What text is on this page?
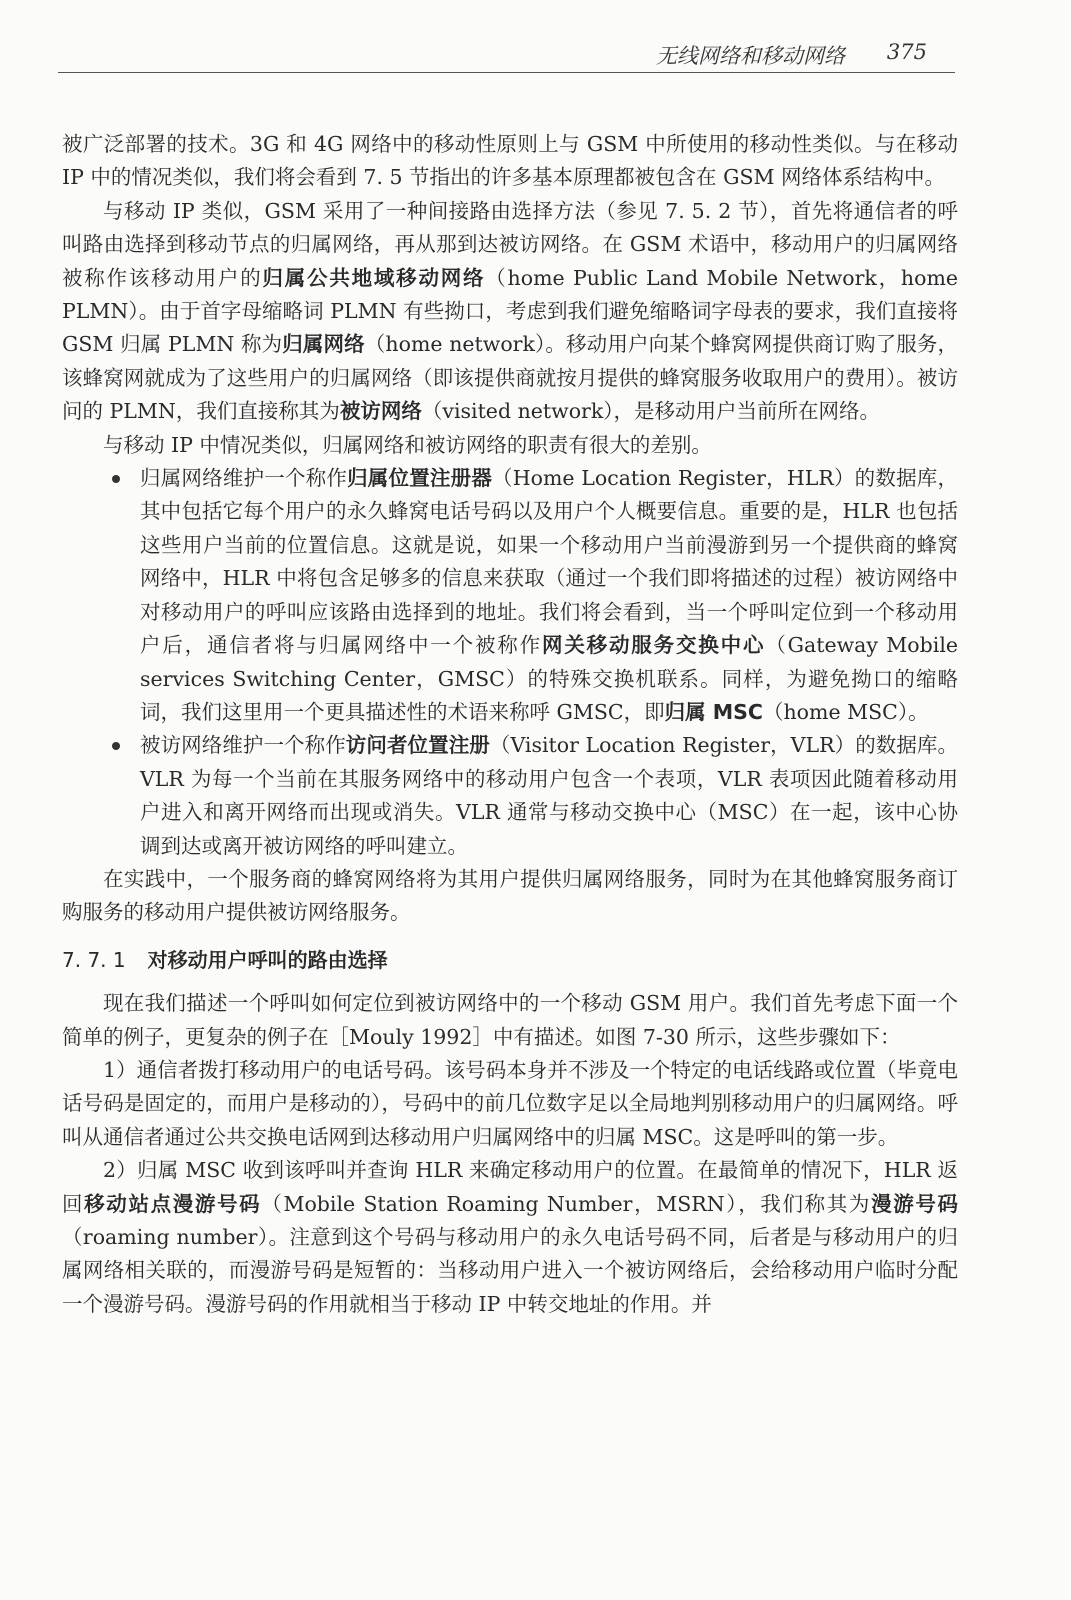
无线网络和移动网络 375

被广泛部署的技术。3G 和 4G 网络中的移动性原则上与 GSM 中所使用的移动性类似。与在移动 IP 中的情况类似，我们将会看到 7. 5 节指出的许多基本原理都被包含在 GSM 网络体系结构中。

与移动 IP 类似，GSM 采用了一种间接路由选择方法（参见 7. 5. 2 节），首先将通信者的呼叫路由选择到移动节点的归属网络，再从那到达被访网络。在 GSM 术语中，移动用户的归属网络被称作该移动用户的归属公共地域移动网络（home Public Land Mobile Network，home PLMN）。由于首字母缩略词 PLMN 有些拗口，考虑到我们避免缩略词字母表的要求，我们直接将 GSM 归属 PLMN 称为归属网络（home network）。移动用户向某个蜂窝网提供商订购了服务，该蜂窝网就成为了这些用户的归属网络（即该提供商就按月提供的蜂窝服务收取用户的费用）。被访问的 PLMN，我们直接称其为被访网络（visited network），是移动用户当前所在网络。

与移动 IP 中情况类似，归属网络和被访网络的职责有很大的差别。

归属网络维护一个称作归属位置注册器（Home Location Register，HLR）的数据库，其中包括它每个用户的永久蜂窝电话号码以及用户个人概要信息。重要的是，HLR 也包括这些用户当前的位置信息。这就是说，如果一个移动用户当前漫游到另一个提供商的蜂窝网络中，HLR 中将包含足够多的信息来获取（通过一个我们即将描述的过程）被访网络中对移动用户的呼叫应该路由选择到的地址。我们将会看到，当一个呼叫定位到一个移动用户后，通信者将与归属网络中一个被称作网关移动服务交换中心（Gateway Mobile services Switching Center，GMSC）的特殊交换机联系。同样，为避免拗口的缩略词，我们这里用一个更具描述性的术语来称呼 GMSC，即归属 MSC（home MSC）。
被访网络维护一个称作访问者位置注册（Visitor Location Register，VLR）的数据库。VLR 为每一个当前在其服务网络中的移动用户包含一个表项，VLR 表项因此随着移动用户进入和离开网络而出现或消失。VLR 通常与移动交换中心（MSC）在一起，该中心协调到达或离开被访网络的呼叫建立。

在实践中，一个服务商的蜂窝网络将为其用户提供归属网络服务，同时为在其他蜂窝服务商订购服务的移动用户提供被访网络服务。

7. 7. 1 对移动用户呼叫的路由选择

现在我们描述一个呼叫如何定位到被访网络中的一个移动 GSM 用户。我们首先考虑下面一个简单的例子，更复杂的例子在［Mouly 1992］中有描述。如图 7-30 所示，这些步骤如下：

1）通信者拨打移动用户的电话号码。该号码本身并不涉及一个特定的电话线路或位置（毕竟电话号码是固定的，而用户是移动的），号码中的前几位数字足以全局地判别移动用户的归属网络。呼叫从通信者通过公共交换电话网到达移动用户归属网络中的归属 MSC。这是呼叫的第一步。

2）归属 MSC 收到该呼叫并查询 HLR 来确定移动用户的位置。在最简单的情况下，HLR 返回移动站点漫游号码（Mobile Station Roaming Number，MSRN），我们称其为漫游号码（roaming number）。注意到这个号码与移动用户的永久电话号码不同，后者是与移动用户的归属网络相关联的，而漫游号码是短暂的：当移动用户进入一个被访网络后，会给移动用户临时分配一个漫游号码。漫游号码的作用就相当于移动 IP 中转交地址的作用。并
